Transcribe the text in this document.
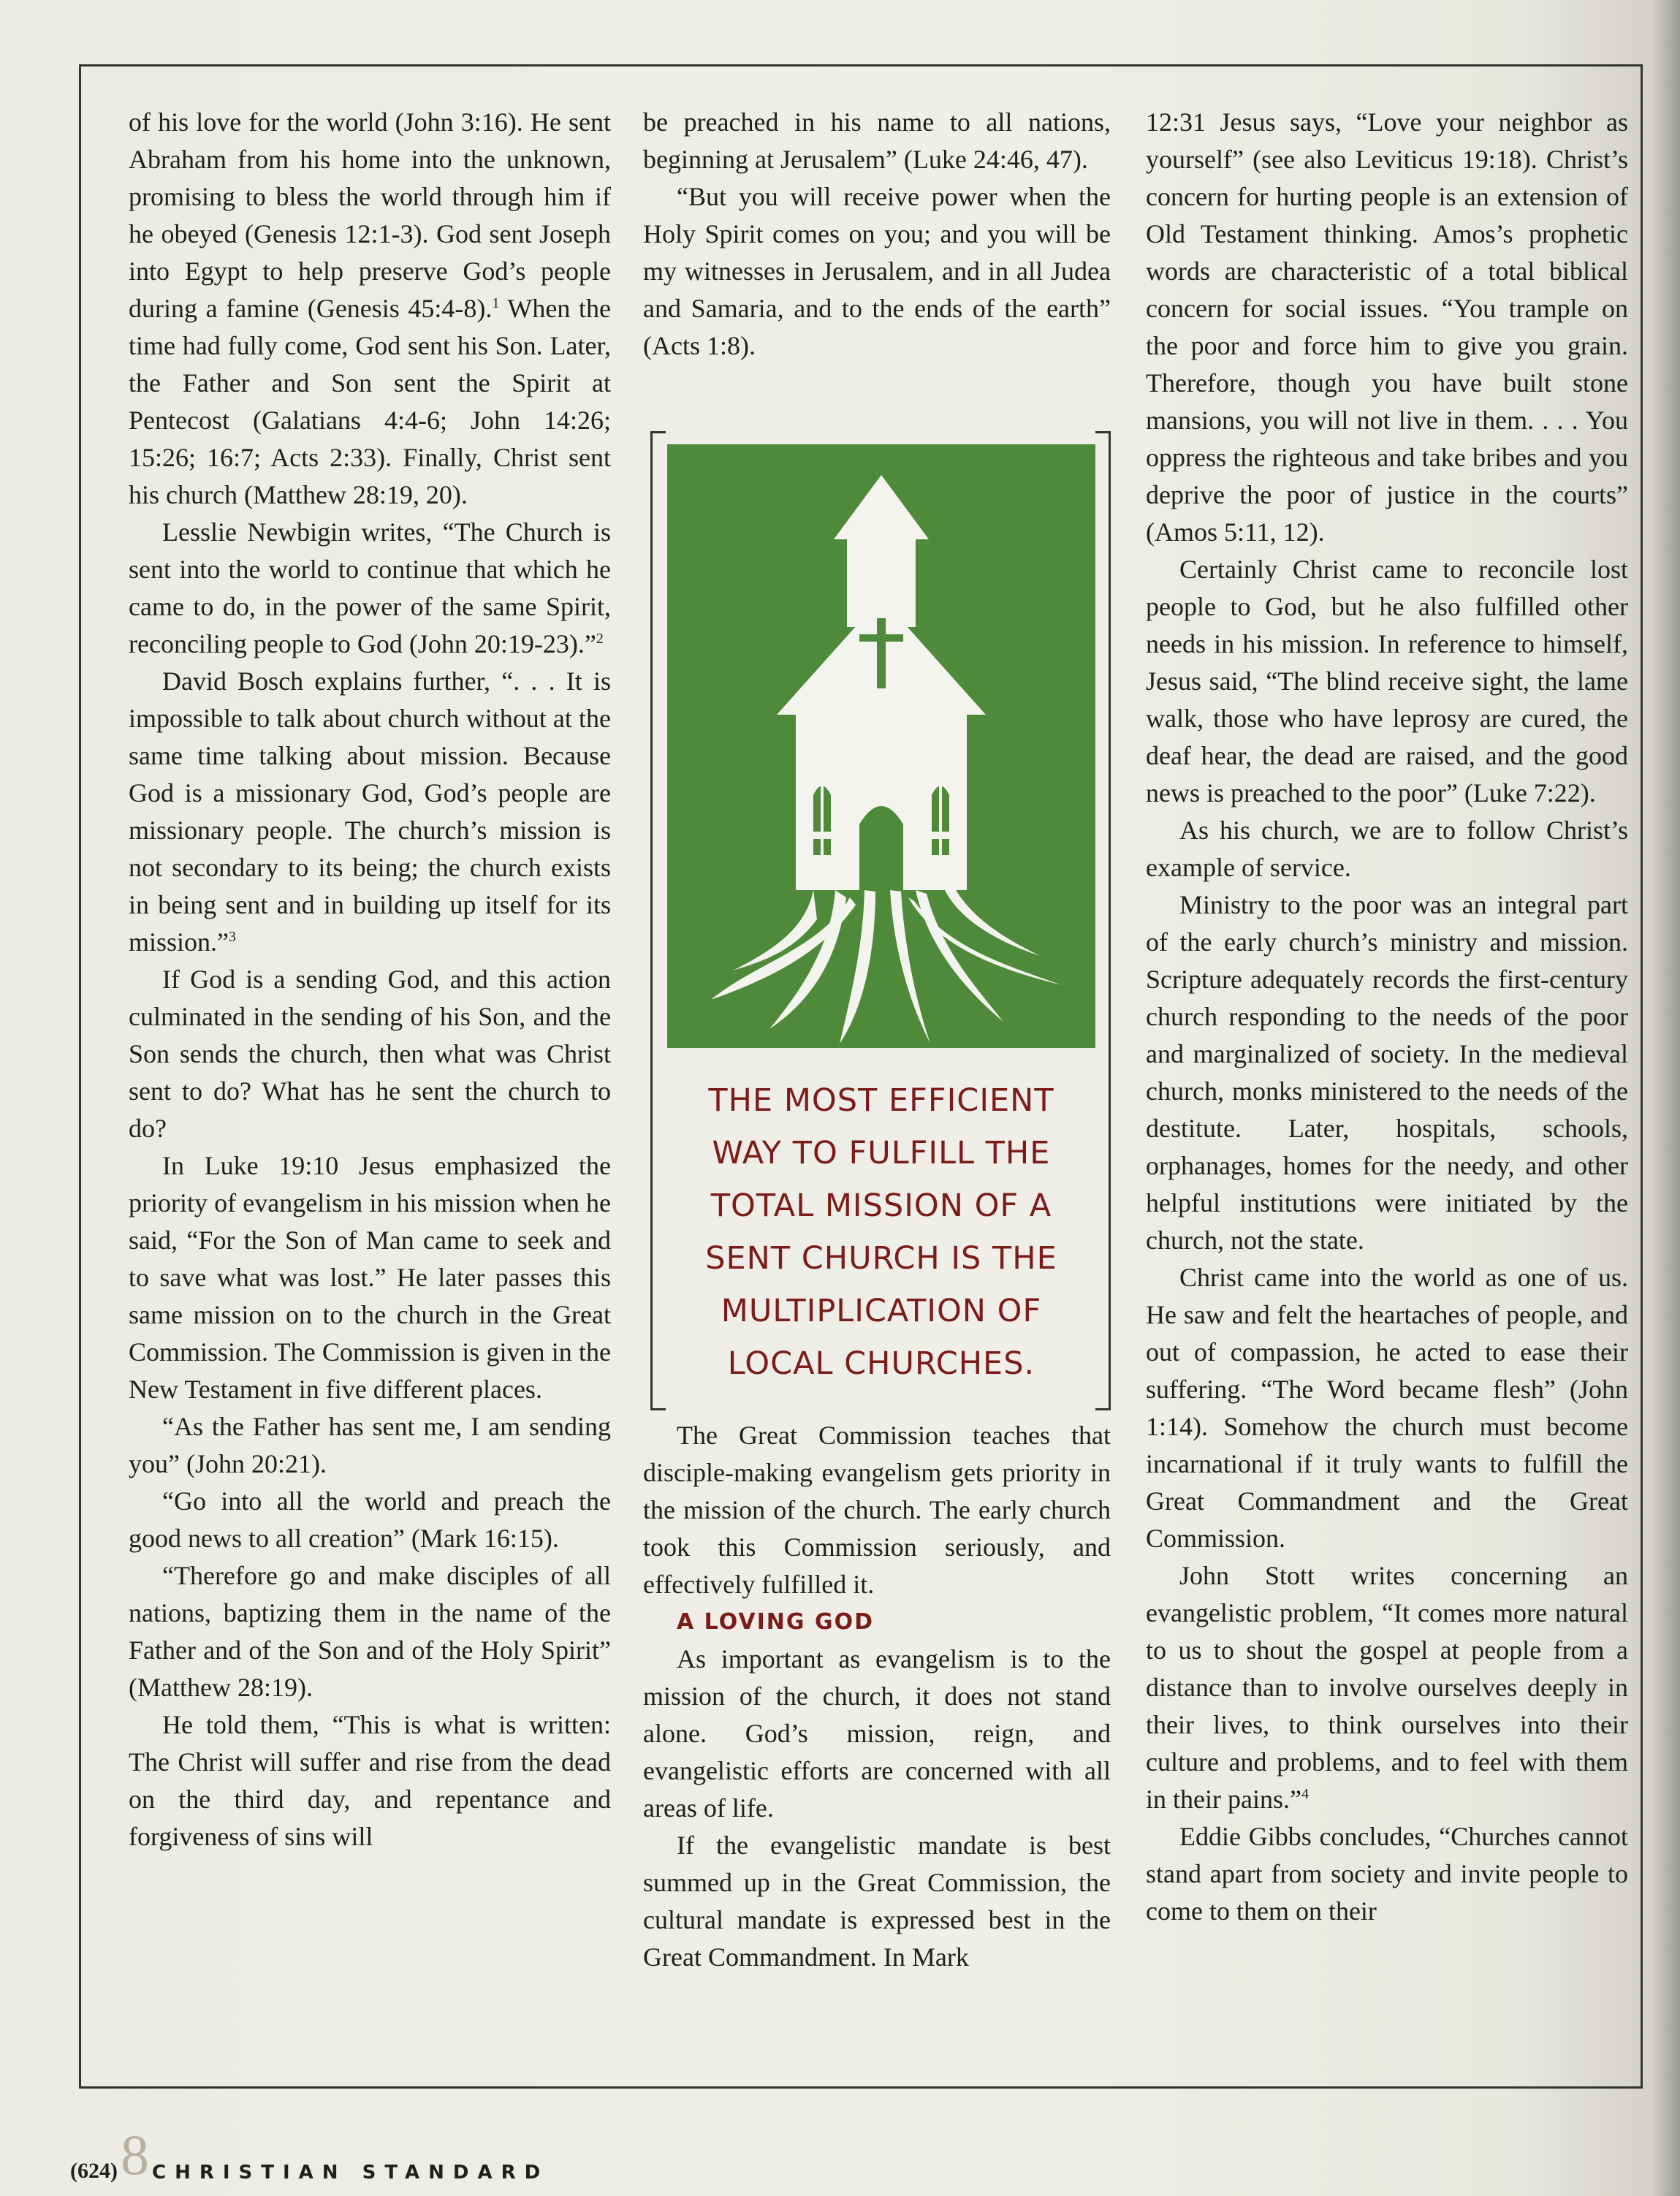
of his love for the world (John 3:16). He sent Abraham from his home into the unknown, promising to bless the world through him if he obeyed (Genesis 12:1-3). God sent Joseph into Egypt to help preserve God’s people during a famine (Genesis 45:4-8).$^1$ When the time had fully come, God sent his Son. Later, the Father and Son sent the Spirit at Pentecost (Galatians 4:4-6; John 14:26; 15:26; 16:7; Acts 2:33). Finally, Christ sent his church (Matthew 28:19, 20).

Lesslie Newbigin writes, “The Church is sent into the world to continue that which he came to do, in the power of the same Spirit, reconciling people to God (John 20:19-23).”$^2$

David Bosch explains further, “. . . It is impossible to talk about church without at the same time talking about mission. Because God is a missionary God, God’s people are missionary people. The church’s mission is not secondary to its being; the church exists in being sent and in building up itself for its mission.”$^3$

If God is a sending God, and this action culminated in the sending of his Son, and the Son sends the church, then what was Christ sent to do? What has he sent the church to do?

In Luke 19:10 Jesus emphasized the priority of evangelism in his mission when he said, “For the Son of Man came to seek and to save what was lost.” He later passes this same mission on to the church in the Great Commission. The Commission is given in the New Testament in five different places.

“As the Father has sent me, I am sending you” (John 20:21).

“Go into all the world and preach the good news to all creation” (Mark 16:15).

“Therefore go and make disciples of all nations, baptizing them in the name of the Father and of the Son and of the Holy Spirit” (Matthew 28:19).

He told them, “This is what is written: The Christ will suffer and rise from the dead on the third day, and repentance and forgiveness of sins will

be preached in his name to all nations, beginning at Jerusalem” (Luke 24:46, 47).

“But you will receive power when the Holy Spirit comes on you; and you will be my witnesses in Jerusalem, and in all Judea and Samaria, and to the ends of the earth” (Acts 1:8).

The Great Commission teaches that disciple-making evangelism gets priority in the mission of the church. The early church took this Commission seriously, and effectively fulfilled it.

A LOVING GOD

As important as evangelism is to the mission of the church, it does not stand alone. God’s mission, reign, and evangelistic efforts are concerned with all areas of life.

If the evangelistic mandate is best summed up in the Great Commission, the cultural mandate is expressed best in the Great Commandment. In Mark

THE MOST EFFICIENT
WAY TO FULFILL THE
TOTAL MISSION OF A
SENT CHURCH IS THE
MULTIPLICATION OF
LOCAL CHURCHES.

12:31 Jesus says, “Love your neighbor as yourself” (see also Leviticus 19:18). Christ’s concern for hurting people is an extension of Old Testament thinking. Amos’s prophetic words are characteristic of a total biblical concern for social issues. “You trample on the poor and force him to give you grain. Therefore, though you have built stone mansions, you will not live in them. . . . You oppress the righteous and take bribes and you deprive the poor of justice in the courts” (Amos 5:11, 12).

Certainly Christ came to reconcile lost people to God, but he also fulfilled other needs in his mission. In reference to himself, Jesus said, “The blind receive sight, the lame walk, those who have leprosy are cured, the deaf hear, the dead are raised, and the good news is preached to the poor” (Luke 7:22).

As his church, we are to follow Christ’s example of service.

Ministry to the poor was an integral part of the early church’s ministry and mission. Scripture adequately records the first-century church responding to the needs of the poor and marginalized of society. In the medieval church, monks ministered to the needs of the destitute. Later, hospitals, schools, orphanages, homes for the needy, and other helpful institutions were initiated by the church, not the state.

Christ came into the world as one of us. He saw and felt the heartaches of people, and out of compassion, he acted to ease their suffering. “The Word became flesh” (John 1:14). Somehow the church must become incarnational if it truly wants to fulfill the Great Commandment and the Great Commission.

John Stott writes concerning an evangelistic problem, “It comes more natural to us to shout the gospel at people from a distance than to involve ourselves deeply in their lives, to think ourselves into their culture and problems, and to feel with them in their pains.”$^4$

Eddie Gibbs concludes, “Churches cannot stand apart from society and invite people to come to them on their

(624)8 CHRISTIAN STANDARD
